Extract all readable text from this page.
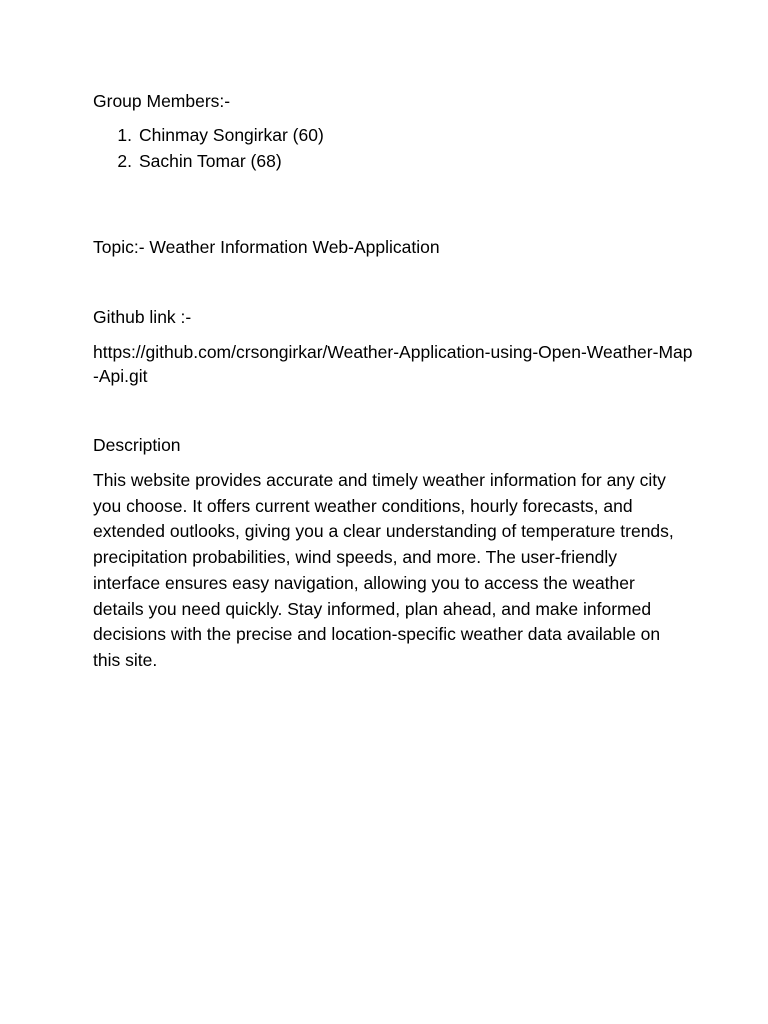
Group Members:-
1. Chinmay Songirkar (60)
2. Sachin Tomar (68)
Topic:- Weather Information Web-Application
Github link :-
https://github.com/crsongirkar/Weather-Application-using-Open-Weather-Map-Api.git
Description
This website provides accurate and timely weather information for any city you choose. It offers current weather conditions, hourly forecasts, and extended outlooks, giving you a clear understanding of temperature trends, precipitation probabilities, wind speeds, and more. The user-friendly interface ensures easy navigation, allowing you to access the weather details you need quickly. Stay informed, plan ahead, and make informed decisions with the precise and location-specific weather data available on this site.
